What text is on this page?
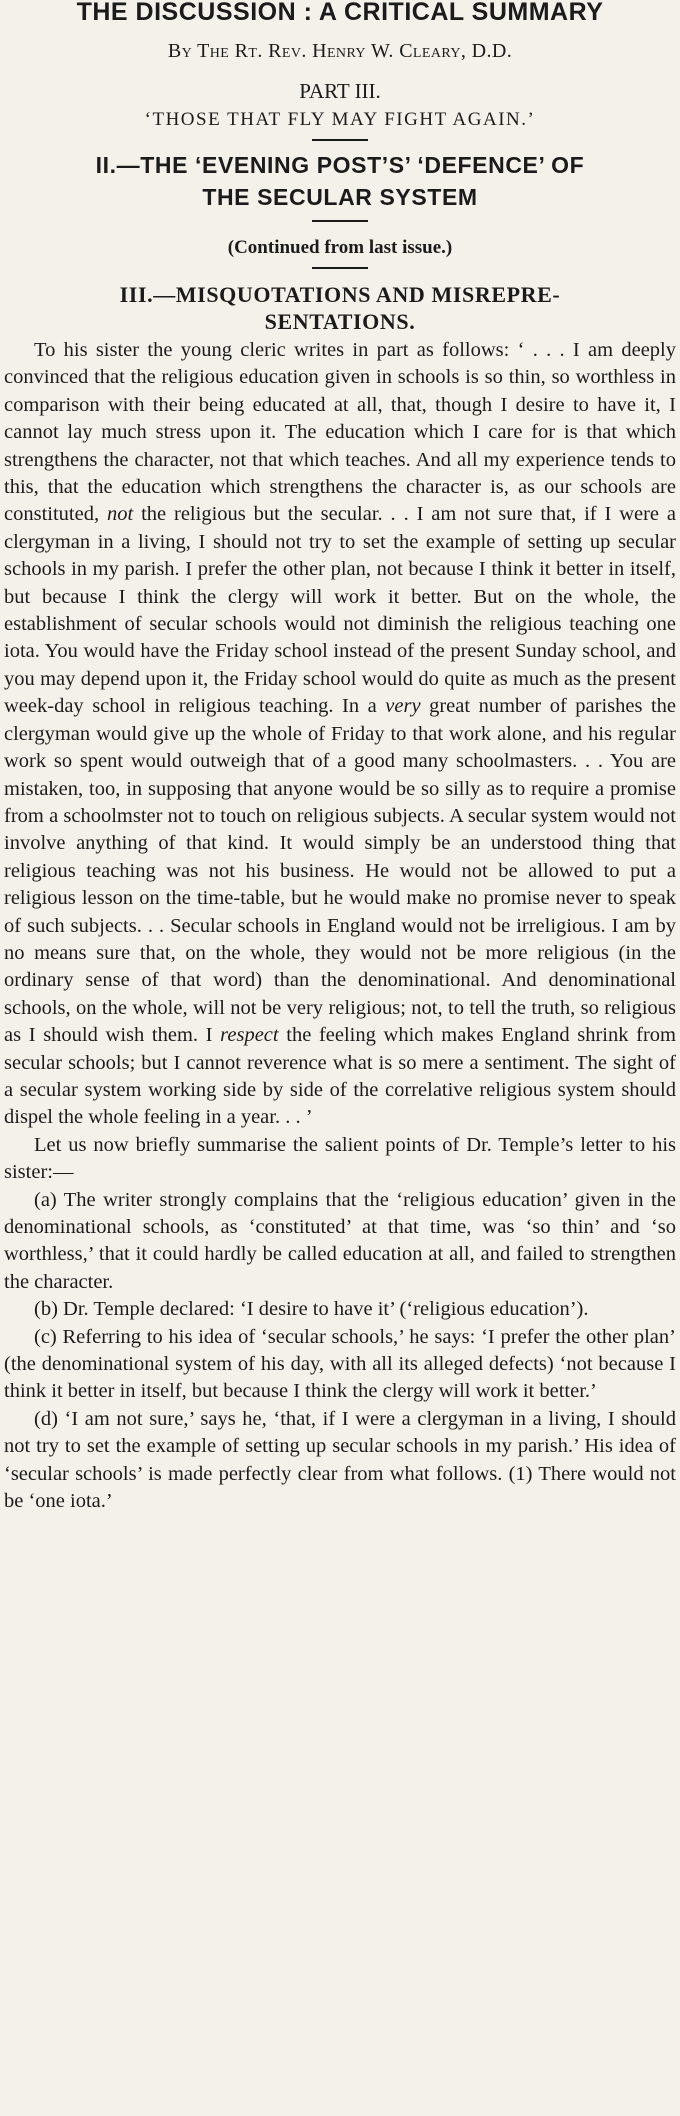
THE DISCUSSION : A CRITICAL SUMMARY
By The Rt. Rev. Henry W. Cleary, D.D.
PART III.
‘THOSE THAT FLY MAY FIGHT AGAIN.’
II.—THE ‘EVENING POST’S’ ‘DEFENCE’ OF
THE SECULAR SYSTEM
(Continued from last issue.)
III.—MISQUOTATIONS AND MISREPRE-
SENTATIONS.

To his sister the young cleric writes in part as follows: ‘ . . . I am deeply convinced that the religious education given in schools is so thin, so worthless in comparison with their being educated at all, that, though I desire to have it, I cannot lay much stress upon it. The education which I care for is that which strengthens the character, not that which teaches. And all my experience tends to this, that the education which strengthens the character is, as our schools are constituted, not the religious but the secular. . . I am not sure that, if I were a clergyman in a living, I should not try to set the example of setting up secular schools in my parish. I prefer the other plan, not because I think it better in itself, but because I think the clergy will work it better. But on the whole, the establishment of secular schools would not diminish the religious teaching one iota. You would have the Friday school instead of the present Sunday school, and you may depend upon it, the Friday school would do quite as much as the present week-day school in religious teaching. In a very great number of parishes the clergyman would give up the whole of Friday to that work alone, and his regular work so spent would outweigh that of a good many schoolmasters. . . You are mistaken, too, in supposing that anyone would be so silly as to require a promise from a schoolmster not to touch on religious subjects. A secular system would not involve anything of that kind. It would simply be an understood thing that religious teaching was not his business. He would not be allowed to put a religious lesson on the time-table, but he would make no promise never to speak of such subjects. . . Secular schools in England would not be irreligious. I am by no means sure that, on the whole, they would not be more religious (in the ordinary sense of that word) than the denominational. And denominational schools, on the whole, will not be very religious; not, to tell the truth, so religious as I should wish them. I respect the feeling which makes England shrink from secular schools; but I cannot reverence what is so mere a sentiment. The sight of a secular system working side by side of the correlative religious system should dispel the whole feeling in a year. . . ’

Let us now briefly summarise the salient points of Dr. Temple’s letter to his sister:—

(a) The writer strongly complains that the ‘religious education’ given in the denominational schools, as ‘constituted’ at that time, was ‘so thin’ and ‘so worthless,’ that it could hardly be called education at all, and failed to strengthen the character.

(b) Dr. Temple declared: ‘I desire to have it’ (‘religious education’).

(c) Referring to his idea of ‘secular schools,’ he says: ‘I prefer the other plan’ (the denominational system of his day, with all its alleged defects) ‘not because I think it better in itself, but because I think the clergy will work it better.’

(d) ‘I am not sure,’ says he, ‘that, if I were a clergyman in a living, I should not try to set the example of setting up secular schools in my parish.’ His idea of ‘secular schools’ is made perfectly clear from what follows. (1) There would not be ‘one iota.’
